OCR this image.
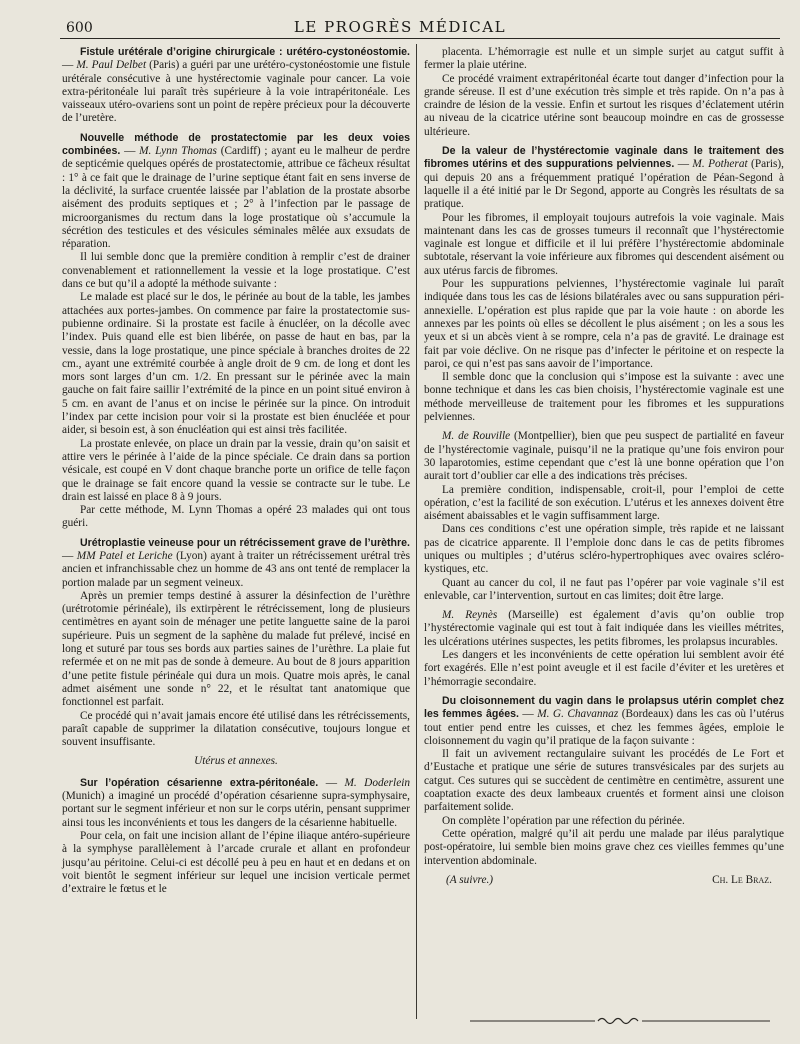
600	LE PROGRÈS MÉDICAL
Fistule urétérale d’origine chirurgicale : urétéro-cystonéostomie. — M. Paul Delbet (Paris) a guéri par une urétéro-cystonéostomie une fistule urétérale consécutive à une hystérectomie vaginale pour cancer. La voie extra-péritonéale lui paraît très supérieure à la voie intrapéritonéale. Les vaisseaux utéro-ovariens sont un point de repère précieux pour la découverte de l’uretère.
Nouvelle méthode de prostatectomie par les deux voies combinées. — M. Lynn Thomas (Cardiff) ; ayant eu le malheur de perdre de septicémie quelques opérés de prostatectomie, attribue ce fâcheux résultat : 1° à ce fait que le drainage de l’urine septique étant fait en sens inverse de la déclivité, la surface cruentée laissée par l’ablation de la prostate absorbe aisément des produits septiques et ; 2° à l’infection par le passage de microorganismes du rectum dans la loge prostatique où s’accumule la sécrétion des testicules et des vésicules séminales mêlée aux exsudats de réparation.
Il lui semble donc que la première condition à remplir c’est de drainer convenablement et rationnellement la vessie et la loge prostatique. C’est dans ce but qu’il a adopté la méthode suivante :
Le malade est placé sur le dos, le périnée au bout de la table, les jambes attachées aux portes-jambes. On commence par faire la prostatectomie sus-pubienne ordinaire. Si la prostate est facile à énucléer, on la décolle avec l’index. Puis quand elle est bien libérée, on passe de haut en bas, par la vessie, dans la loge prostatique, une pince spéciale à branches droites de 22 cm., ayant une extrémité courbée à angle droit de 9 cm. de long et dont les mors sont larges d’un cm. 1/2. En pressant sur le périnée avec la main gauche on fait faire saillir l’extrémité de la pince en un point situé environ à 5 cm. en avant de l’anus et on incise le périnée sur la pince. On introduit l’index par cette incision pour voir si la prostate est bien énucléée et pour aider, si besoin est, à son énucléation qui est ainsi très facilitée.
La prostate enlevée, on place un drain par la vessie, drain qu’on saisit et attire vers le périnée à l’aide de la pince spéciale. Ce drain dans sa portion vésicale, est coupé en V dont chaque branche porte un orifice de telle façon que le drainage se fait encore quand la vessie se contracte sur le tube. Le drain est laissé en place 8 à 9 jours.
Par cette méthode, M. Lynn Thomas a opéré 23 malades qui ont tous guéri.
Urétroplastie veineuse pour un rétrécissement grave de l’urèthre. — MM Patel et Leriche (Lyon) ayant à traiter un rétrécissement urétral très ancien et infranchissable chez un homme de 43 ans ont tenté de remplacer la portion malade par un segment veineux.
Après un premier temps destiné à assurer la désinfection de l’urèthre (urétrotomie périnéale), ils extirpèrent le rétrécissement, long de plusieurs centimètres en ayant soin de ménager une petite languette saine de la paroi supérieure. Puis un segment de la saphène du malade fut prélevé, incisé en long et suturé par tous ses bords aux parties saines de l’urèthre. La plaie fut refermée et on ne mit pas de sonde à demeure. Au bout de 8 jours apparition d’une petite fistule périnéale qui dura un mois. Quatre mois après, le canal admet aisément une sonde n° 22, et le résultat tant anatomique que fonctionnel est parfait.
Ce procédé qui n’avait jamais encore été utilisé dans les rétrécissements, paraît capable de supprimer la dilatation consécutive, toujours longue et souvent insuffisante.
Utérus et annexes.
Sur l’opération césarienne extra-péritonéale. — M. Doderlein (Munich) a imaginé un procédé d’opération césarienne supra-symphysaire, portant sur le segment inférieur et non sur le corps utérin, pensant supprimer ainsi tous les inconvénients et tous les dangers de la césarienne habituelle.
Pour cela, on fait une incision allant de l’épine iliaque antéro-supérieure à la symphyse parallèlement à l’arcade crurale et allant en profondeur jusqu’au péritoine. Celui-ci est décollé peu à peu en haut et en dedans et on voit bientôt le segment inférieur sur lequel une incision verticale permet d’extraire le fœtus et le
placenta. L’hémorragie est nulle et un simple surjet au catgut suffit à fermer la plaie utérine.
Ce procédé vraiment extrapéritonéal écarte tout danger d’infection pour la grande séreuse. Il est d’une exécution très simple et très rapide. On n’a pas à craindre de lésion de la vessie. Enfin et surtout les risques d’éclatement utérin au niveau de la cicatrice utérine sont beaucoup moindre en cas de grossesse ultérieure.
De la valeur de l’hystérectomie vaginale dans le traitement des fibromes utérins et des suppurations pelviennes. — M. Potherat (Paris), qui depuis 20 ans a fréquemment pratiqué l’opération de Péan-Segond à laquelle il a été initié par le Dr Segond, apporte au Congrès les résultats de sa pratique.
Pour les fibromes, il employait toujours autrefois la voie vaginale. Mais maintenant dans les cas de grosses tumeurs il reconnaît que l’hystérectomie vaginale est longue et difficile et il lui préfère l’hystérectomie abdominale subtotale, réservant la voie inférieure aux fibromes qui descendent aisément ou aux utérus farcis de fibromes.
Pour les suppurations pelviennes, l’hystérectomie vaginale lui paraît indiquée dans tous les cas de lésions bilatérales avec ou sans suppuration péri-annexielle. L’opération est plus rapide que par la voie haute : on aborde les annexes par les points où elles se décollent le plus aisément ; on les a sous les yeux et si un abcès vient à se rompre, cela n’a pas de gravité. Le drainage est fait par voie déclive. On ne risque pas d’infecter le péritoine et on respecte la paroi, ce qui n’est pas sans aavoir de l’importance.
Il semble donc que la conclusion qui s’impose est la suivante : avec une bonne technique et dans les cas bien choisis, l’hystérectomie vaginale est une méthode merveilleuse de traitement pour les fibromes et les suppurations pelviennes.
M. de Rouville (Montpellier), bien que peu suspect de partialité en faveur de l’hystérectomie vaginale, puisqu’il ne la pratique qu’une fois environ pour 30 laparotomies, estime cependant que c’est là une bonne opération que l’on aurait tort d’oublier car elle a des indications très précises.
La première condition, indispensable, croit-il, pour l’emploi de cette opération, c’est la facilité de son exécution. L’utérus et les annexes doivent être aisément abaissables et le vagin suffisamment large.
Dans ces conditions c’est une opération simple, très rapide et ne laissant pas de cicatrice apparente. Il l’emploie donc dans le cas de petits fibromes uniques ou multiples ; d’utérus scléro-hypertrophiques avec ovaires scléro-kystiques, etc.
Quant au cancer du col, il ne faut pas l’opérer par voie vaginale s’il est enlevable, car l’intervention, surtout en cas limites; doit être large.
M. Reynès (Marseille) est également d’avis qu’on oublie trop l’hystérectomie vaginale qui est tout à fait indiquée dans les vieilles métrites, les ulcérations utérines suspectes, les petits fibromes, les prolapsus incurables.
Les dangers et les inconvénients de cette opération lui semblent avoir été fort exagérés. Elle n’est point aveugle et il est facile d’éviter et les uretères et l’hémorragie secondaire.
Du cloisonnement du vagin dans le prolapsus utérin complet chez les femmes âgées. — M. G. Chavannaz (Bordeaux) dans les cas où l’utérus tout entier pend entre les cuisses, et chez les femmes âgées, emploie le cloisonnement du vagin qu’il pratique de la façon suivante :
Il fait un avivement rectangulaire suivant les procédés de Le Fort et d’Eustache et pratique une série de sutures transvésicales par des surjets au catgut. Ces sutures qui se succèdent de centimètre en centimètre, assurent une coaptation exacte des deux lambeaux cruentés et forment ainsi une cloison parfaitement solide.
On complète l’opération par une réfection du périnée.
Cette opération, malgré qu’il ait perdu une malade par iléus paralytique post-opératoire, lui semble bien moins grave chez ces vieilles femmes qu’une intervention abdominale.
(A suivre.)	Ch. Le Braz.
